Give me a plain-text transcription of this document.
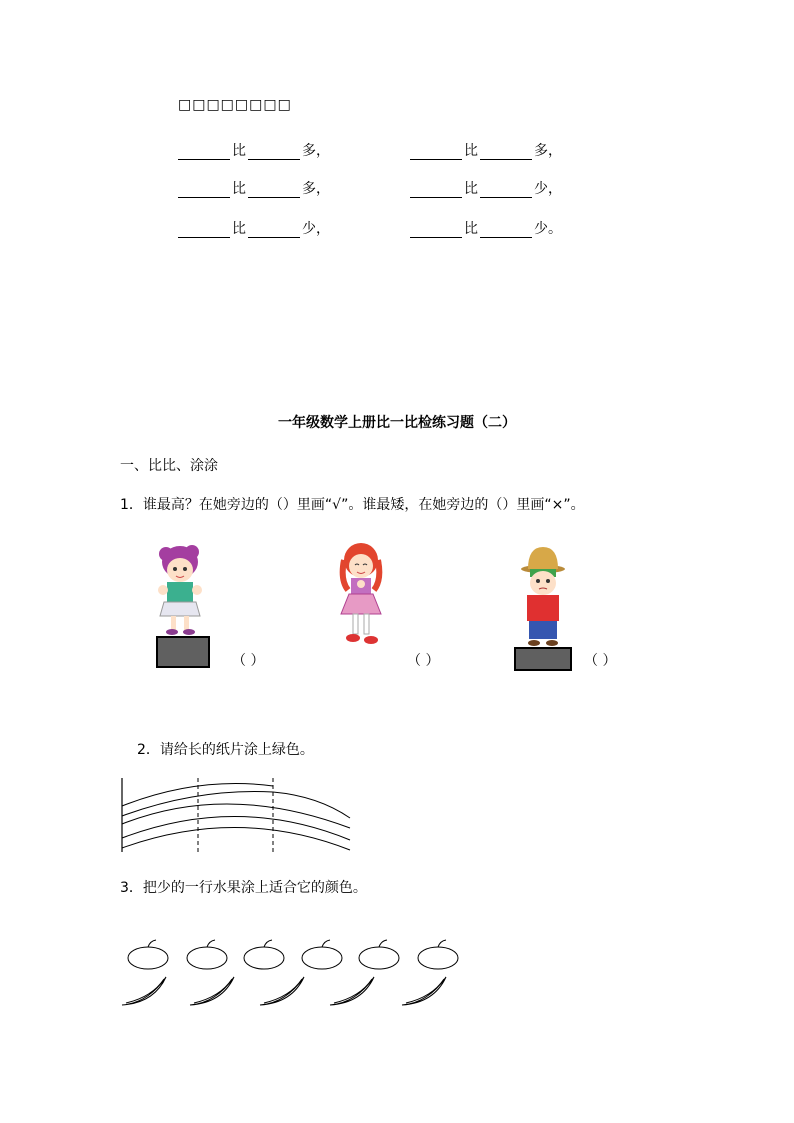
□□□□□□□□
比	多，	比	多，
比	多，	比	少，
比	少，	比	少。
一年级数学上册比一比检练习题（二）
一、比比、涂涂
1．谁最高？在她旁边的（）里画“√”。谁最矮，在她旁边的（）里画“×”。
（ ）	（ ）	（ ）
2．请给长的纸片涂上绿色。
3．把少的一行水果涂上适合它的颜色。
